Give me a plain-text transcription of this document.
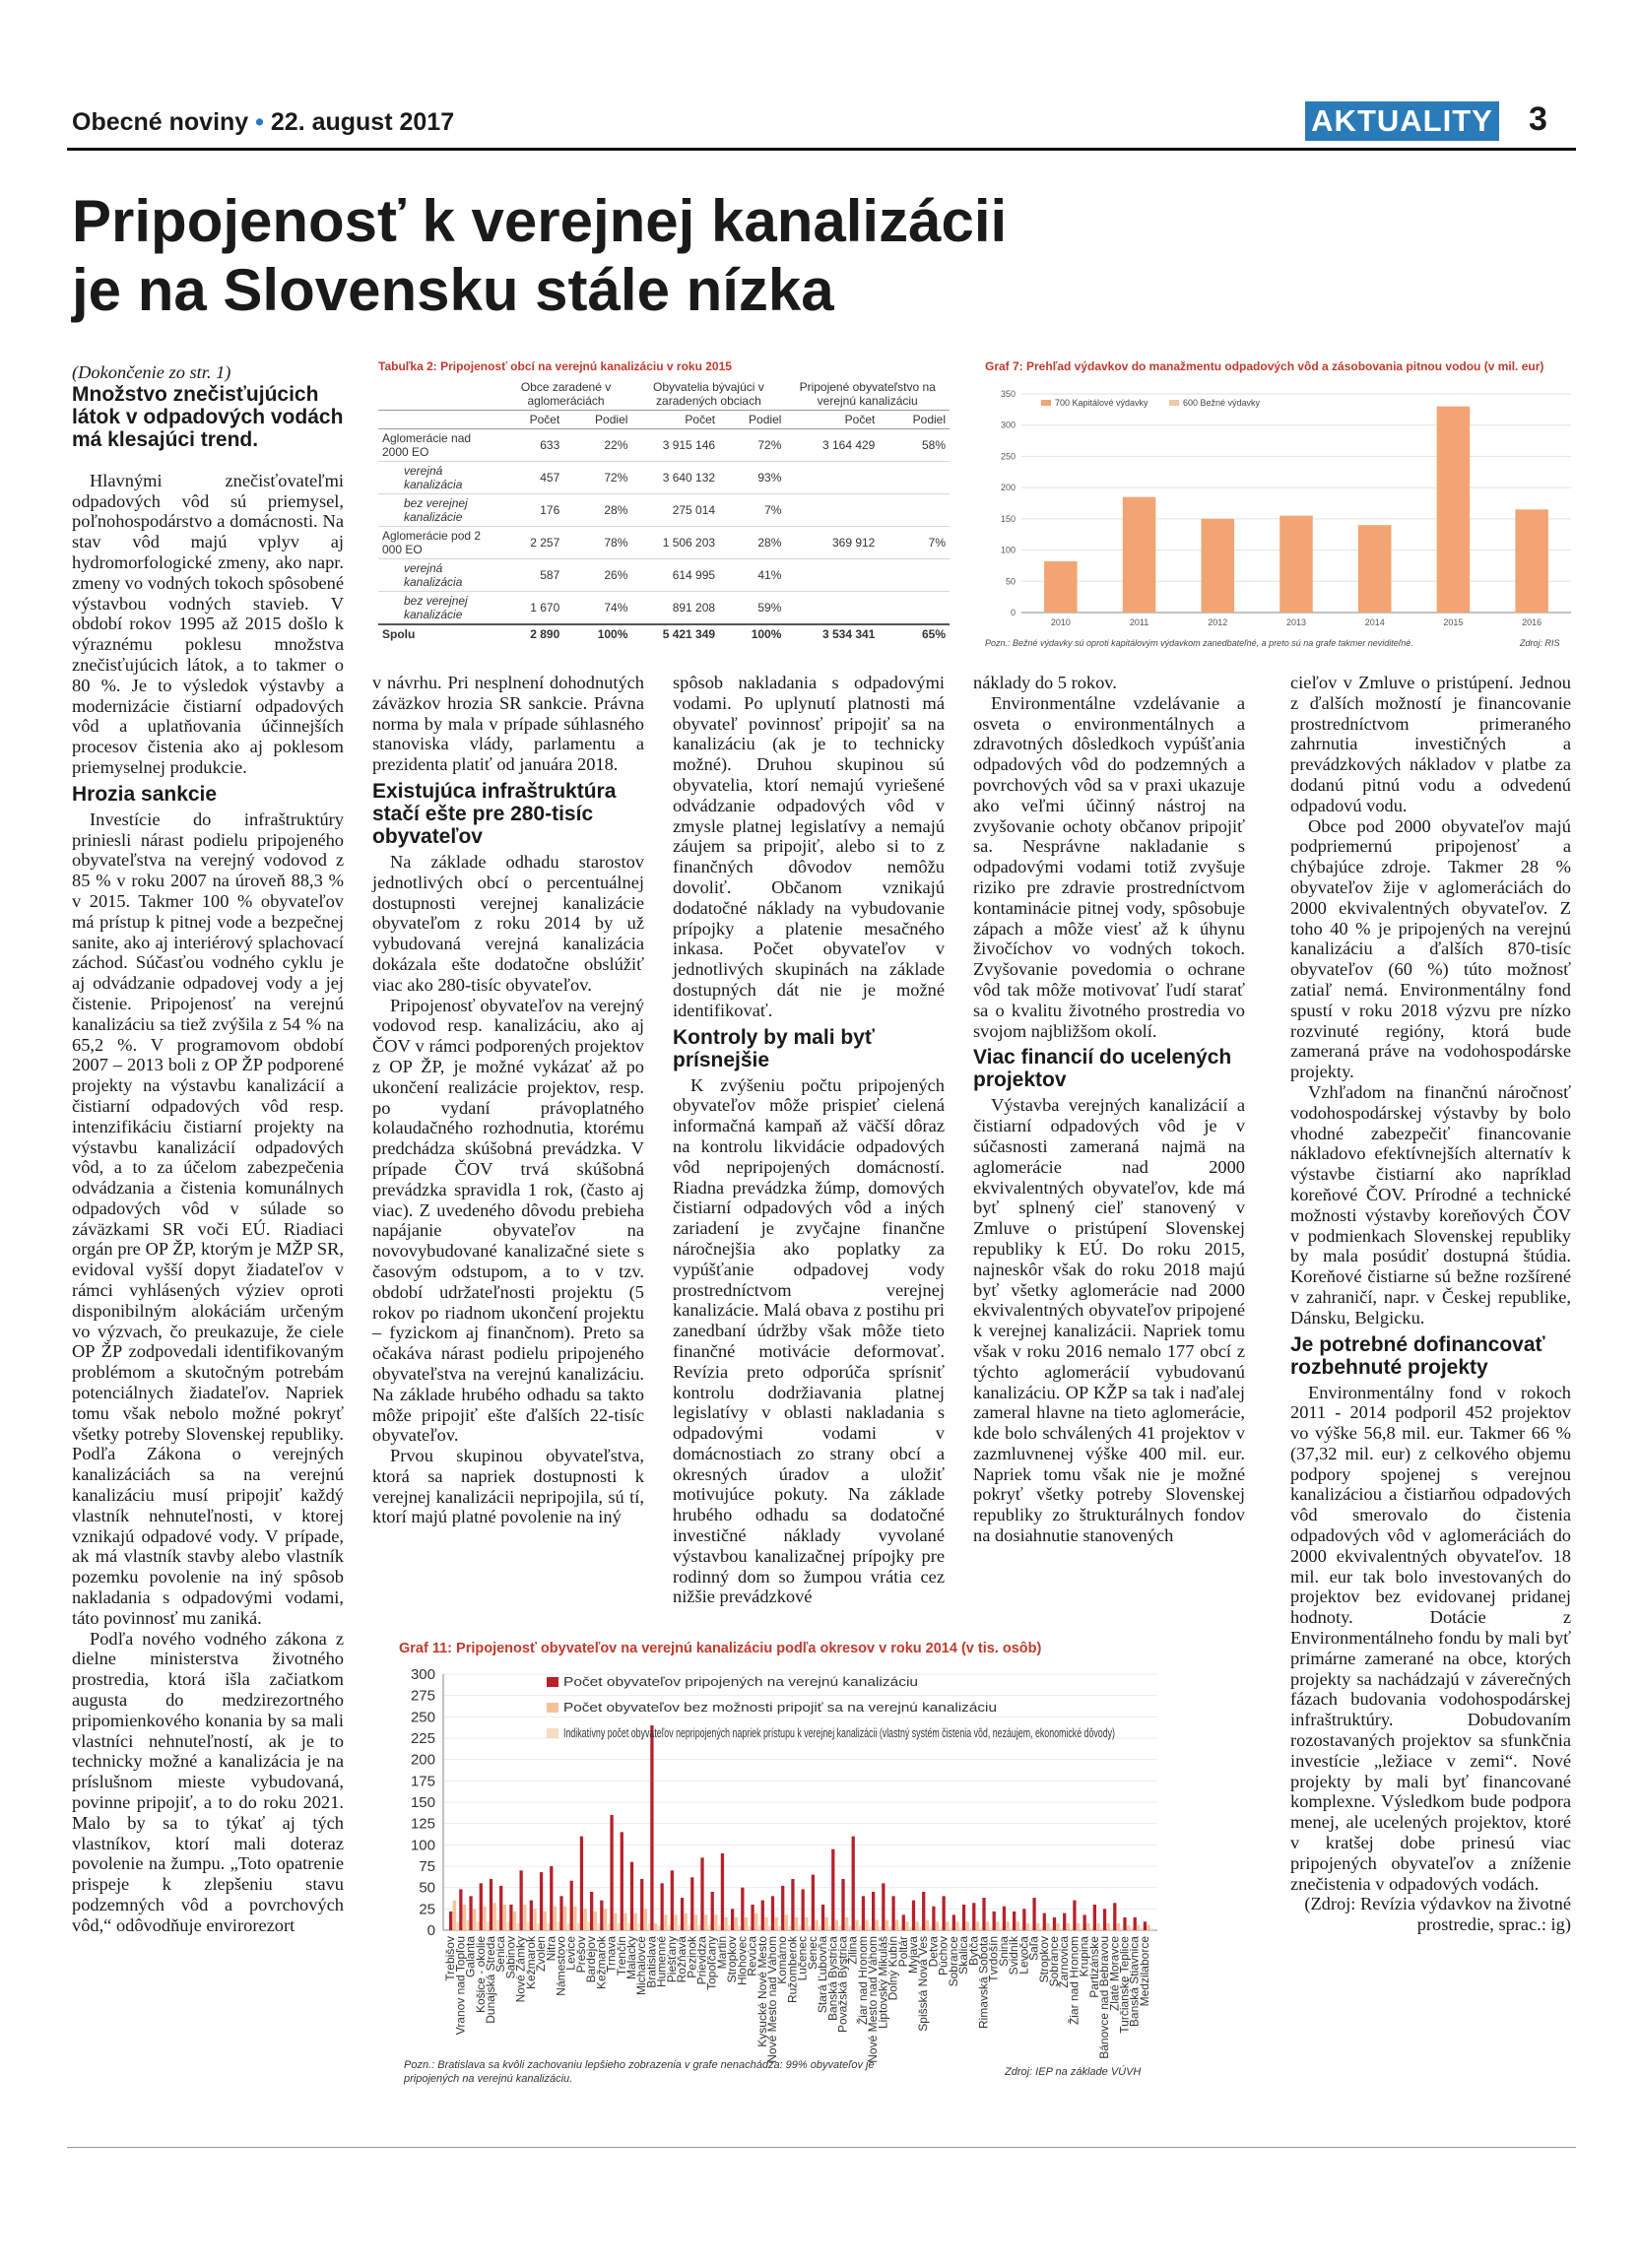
Obecné noviny • 22. august 2017	AKTUALITY 3
Pripojenosť k verejnej kanalizácii
je na Slovensku stále nízka

(Dokončenie zo str. 1)

Množstvo znečisťujúcich látok v odpadových vodách má klesajúci trend.

Hlavnými znečisťovateľmi odpadových vôd sú priemysel, poľnohospodárstvo a domácnosti. Na stav vôd majú vplyv aj hydromorfologické zmeny, ako napr. zmeny vo vodných tokoch spôsobené výstavbou vodných stavieb. V období rokov 1995 až 2015 došlo k výraznému poklesu množstva znečisťujúcich látok, a to takmer o 80 %. Je to výsledok výstavby a modernizácie čistiarní odpadových vôd a uplatňovania účinnejších procesov čistenia ako aj poklesom priemyselnej produkcie.

Hrozia sankcie

Investície do infraštruktúry priniesli nárast podielu pripojeného obyvateľstva na verejný vodovod z 85 % v roku 2007 na úroveň 88,3 % v 2015. Takmer 100 % obyvateľov má prístup k pitnej vode a bezpečnej sanite, ako aj interiérový splachovací záchod. Súčasťou vodného cyklu je aj odvádzanie odpadovej vody a jej čistenie. Pripojenosť na verejnú kanalizáciu sa tiež zvýšila z 54 % na 65,2 %. V programovom období 2007 – 2013 boli z OP ŽP podporené projekty na výstavbu kanalizácií a čistiarní odpadových vôd resp. intenzifikáciu čistiarní projekty na výstavbu kanalizácií odpadových vôd, a to za účelom zabezpečenia odvádzania a čistenia komunálnych odpadových vôd v súlade so záväzkami SR voči EÚ. Riadiaci orgán pre OP ŽP, ktorým je MŽP SR, evidoval vyšší dopyt žiadateľov v rámci vyhlásených výziev oproti disponibilným alokáciám určeným vo výzvach, čo preukazuje, že ciele OP ŽP zodpovedali identifikovaným problémom a skutočným potrebám potenciálnych žiadateľov. Napriek tomu však nebolo možné pokryť všetky potreby Slovenskej republiky. Podľa Zákona o verejných kanalizáciách sa na verejnú kanalizáciu musí pripojiť každý vlastník nehnuteľnosti, v ktorej vznikajú odpadové vody. V prípade, ak má vlastník stavby alebo vlastník pozemku povolenie na iný spôsob nakladania s odpadovými vodami, táto povinnosť mu zaniká.

Podľa nového vodného zákona z dielne ministerstva životného prostredia, ktorá išla začiatkom augusta do medzirezortného pripomienkového konania by sa mali vlastníci nehnuteľností, ak je to technicky možné a kanalizácia je na príslušnom mieste vybudovaná, povinne pripojiť, a to do roku 2021. Malo by sa to týkať aj tých vlastníkov, ktorí mali doteraz povolenie na žumpu. „Toto opatrenie prispeje k zlepšeniu stavu podzemných vôd a povrchových vôd,“ odôvodňuje envirorezort

Tabuľka 2: Pripojenosť obcí na verejnú kanalizáciu v roku 2015
	Obce zaradené v aglomeráciách		Obyvatelia bývajúci v zaradených obciach		Pripojené obyvateľstvo na verejnú kanalizáciu	
	Počet	Podiel	Počet	Podiel	Počet	Podiel
Aglomerácie nad 2000 EO	633	22%	3 915 146	72%	3 164 429	58%
verejná kanalizácia	457	72%	3 640 132	93%		
bez verejnej kanalizácie	176	28%	275 014	7%		
Aglomerácie pod 2 000 EO	2 257	78%	1 506 203	28%	369 912	7%
verejná kanalizácia	587	26%	614 995	41%		
bez verejnej kanalizácie	1 670	74%	891 208	59%		
Spolu	2 890	100%	5 421 349	100%	3 534 341	65%
Graf 7: Prehľad výdavkov do manažmentu odpadových vôd a zásobovania pitnou vodou (v mil. eur)
0
50
100
150
200
250
300
350
2010	2011	2012	2013	2014	2015	2016
700 Kapitálové výdavky	600 Bežné výdavky
Pozn.: Bežné výdavky sú oproti kapitálovým výdavkom zanedbateľné, a preto sú na grafe takmer neviditeľné.	Zdroj: RIS

v návrhu. Pri nesplnení dohodnutých záväzkov hrozia SR sankcie. Právna norma by mala v prípade súhlasného stanoviska vlády, parlamentu a prezidenta platiť od januára 2018.

Existujúca infraštruktúra stačí ešte pre 280-tisíc obyvateľov

Na základe odhadu starostov jednotlivých obcí o percentuálnej dostupnosti verejnej kanalizácie obyvateľom z roku 2014 by už vybudovaná verejná kanalizácia dokázala ešte dodatočne obslúžiť viac ako 280-tisíc obyvateľov.

Pripojenosť obyvateľov na verejný vodovod resp. kanalizáciu, ako aj ČOV v rámci podporených projektov z OP ŽP, je možné vykázať až po ukončení realizácie projektov, resp. po vydaní právoplatného kolaudačného rozhodnutia, ktorému predchádza skúšobná prevádzka. V prípade ČOV trvá skúšobná prevádzka spravidla 1 rok, (často aj viac). Z uvedeného dôvodu prebieha napájanie obyvateľov na novovybudované kanalizačné siete s časovým odstupom, a to v tzv. období udržateľnosti projektu (5 rokov po riadnom ukončení projektu – fyzickom aj finančnom). Preto sa očakáva nárast podielu pripojeného obyvateľstva na verejnú kanalizáciu. Na základe hrubého odhadu sa takto môže pripojiť ešte ďalších 22-tisíc obyvateľov.

Prvou skupinou obyvateľstva, ktorá sa napriek dostupnosti k verejnej kanalizácii nepripojila, sú tí, ktorí majú platné povolenie na iný

spôsob nakladania s odpadovými vodami. Po uplynutí platnosti má obyvateľ povinnosť pripojiť sa na kanalizáciu (ak je to technicky možné). Druhou skupinou sú obyvatelia, ktorí nemajú vyriešené odvádzanie odpadových vôd v zmysle platnej legislatívy a nemajú záujem sa pripojiť, alebo si to z finančných dôvodov nemôžu dovoliť. Občanom vznikajú dodatočné náklady na vybudovanie prípojky a platenie mesačného inkasa. Počet obyvateľov v jednotlivých skupinách na základe dostupných dát nie je možné identifikovať.

Kontroly by mali byť prísnejšie

K zvýšeniu počtu pripojených obyvateľov môže prispieť cielená informačná kampaň až väčší dôraz na kontrolu likvidácie odpadových vôd nepripojených domácností. Riadna prevádzka žúmp, domových čistiarní odpadových vôd a iných zariadení je zvyčajne finančne náročnejšia ako poplatky za vypúšťanie odpadovej vody prostredníctvom verejnej kanalizácie. Malá obava z postihu pri zanedbaní údržby však môže tieto finančné motivácie deformovať. Revízia preto odporúča sprísniť kontrolu dodržiavania platnej legislatívy v oblasti nakladania s odpadovými vodami v domácnostiach zo strany obcí a okresných úradov a uložiť motivujúce pokuty. Na základe hrubého odhadu sa dodatočné investičné náklady vyvolané výstavbou kanalizačnej prípojky pre rodinný dom so žumpou vrátia cez nižšie prevádzkové

náklady do 5 rokov.

Environmentálne vzdelávanie a osveta o environmentálnych a zdravotných dôsledkoch vypúšťania odpadových vôd do podzemných a povrchových vôd sa v praxi ukazuje ako veľmi účinný nástroj na zvyšovanie ochoty občanov pripojiť sa. Nesprávne nakladanie s odpadovými vodami totiž zvyšuje riziko pre zdravie prostredníctvom kontaminácie pitnej vody, spôsobuje zápach a môže viesť až k úhynu živočíchov vo vodných tokoch. Zvyšovanie povedomia o ochrane vôd tak môže motivovať ľudí starať sa o kvalitu životného prostredia vo svojom najbližšom okolí.

Viac financií do ucelených projektov

Výstavba verejných kanalizácií a čistiarní odpadových vôd je v súčasnosti zameraná najmä na aglomerácie nad 2000 ekvivalentných obyvateľov, kde má byť splnený cieľ stanovený v Zmluve o pristúpení Slovenskej republiky k EÚ. Do roku 2015, najneskôr však do roku 2018 majú byť všetky aglomerácie nad 2000 ekvivalentných obyvateľov pripojené k verejnej kanalizácii. Napriek tomu však v roku 2016 nemalo 177 obcí z týchto aglomerácií vybudovanú kanalizáciu. OP KŽP sa tak i naďalej zameral hlavne na tieto aglomerácie, kde bolo schválených 41 projektov v zazmluvnenej výške 400 mil. eur. Napriek tomu však nie je možné pokryť všetky potreby Slovenskej republiky zo štrukturálnych fondov na dosiahnutie stanovených

cieľov v Zmluve o pristúpení. Jednou z ďalších možností je financovanie prostredníctvom primeraného zahrnutia investičných a prevádzkových nákladov v platbe za dodanú pitnú vodu a odvedenú odpadovú vodu.

Obce pod 2000 obyvateľov majú podpriemernú pripojenosť a chýbajúce zdroje. Takmer 28 % obyvateľov žije v aglomeráciách do 2000 ekvivalentných obyvateľov. Z toho 40 % je pripojených na verejnú kanalizáciu a ďalších 870-tisíc obyvateľov (60 %) túto možnosť zatiaľ nemá. Environmentálny fond spustí v roku 2018 výzvu pre nízko rozvinuté regióny, ktorá bude zameraná práve na vodohospodárske projekty.

Vzhľadom na finančnú náročnosť vodohospodárskej výstavby by bolo vhodné zabezpečiť financovanie nákladovo efektívnejších alternatív k výstavbe čistiarní ako napríklad koreňové ČOV. Prírodné a technické možnosti výstavby koreňových ČOV v podmienkach Slovenskej republiky by mala posúdiť dostupná štúdia. Koreňové čistiarne sú bežne rozšírené v zahraničí, napr. v Českej republike, Dánsku, Belgicku.

Je potrebné dofinancovať rozbehnuté projekty

Environmentálny fond v rokoch 2011 - 2014 podporil 452 projektov vo výške 56,8 mil. eur. Takmer 66 % (37,32 mil. eur) z celkového objemu podpory spojenej s verejnou kanalizáciou a čistiarňou odpadových vôd smerovalo do čistenia odpadových vôd v aglomeráciách do 2000 ekvivalentných obyvateľov. 18 mil. eur tak bolo investovaných do projektov bez evidovanej pridanej hodnoty. Dotácie z Environmentálneho fondu by mali byť primárne zamerané na obce, ktorých projekty sa nachádzajú v záverečných fázach budovania vodohospodárskej infraštruktúry. Dobudovaním rozostavaných projektov sa sfunkčnia investície „ležiace v zemi“. Nové projekty by mali byť financované komplexne. Výsledkom bude podpora menej, ale ucelených projektov, ktoré v kratšej dobe prinesú viac pripojených obyvateľov a zníženie znečistenia v odpadových vodách.

(Zdroj: Revízia výdavkov na životné prostredie, sprac.: ig)

Graf 11: Pripojenosť obyvateľov na verejnú kanalizáciu podľa okresov v roku 2014 (v tis. osôb)
0
25
50
75
100
125
150
175
200
225
250
275
300
Trebišov
Vranov nad Topľou
Galanta
Košice - okolie
Dunajská Streda
Senica
Sabinov
Nové Zámky
Kežmarok
Zvolen
Nitra
Námestovo
Levice
Prešov
Bardejov
Kežmarok
Trnava
Trenčín
Malacky
Michalovce
Bratislava
Humenné
Piešťany
Rožňava
Pezinok
Prievidza
Topoľčany
Martin
Stropkov
Hlohovec
Revúca
Kysucké Nové Mesto
Nové Mesto nad Váhom
Komárno
Ružomberok
Lučenec
Senec
Stará Ľubovňa
Banská Bystrica
Považská Bystrica
Žilina
Žiar nad Hronom
Nové Mesto nad Váhom
Liptovský Mikuláš
Dolný Kubín
Poltár
Myjava
Spišská Nová Ves
Detva
Púchov
Sobrance
Skalica
Bytča
Rimavská Sobota
Tvrdošín
Snina
Svidník
Levoča
Šaľa
Stropkov
Sobrance
Žarnovica
Žiar nad Hronom
Krupina
Partizánske
Bánovce nad Bebravou
Zlaté Moravce
Turčianske Teplice
Banská Štiavnica
Medzilaborce
Počet obyvateľov pripojených na verejnú kanalizáciu
Počet obyvateľov bez možnosti pripojiť sa na verejnú kanalizáciu
Indikatívny počet obyvateľov nepripojených napriek prístupu k verejnej kanalizácii (vlastný systém čistenia vôd, nezáujem, ekonomické dôvody)
Pozn.: Bratislava sa kvôli zachovaniu lepšieho zobrazenia v grafe nenachádza: 99% obyvateľov je pripojených na verejnú kanalizáciu.
Zdroj: IEP na základe VÚVH
